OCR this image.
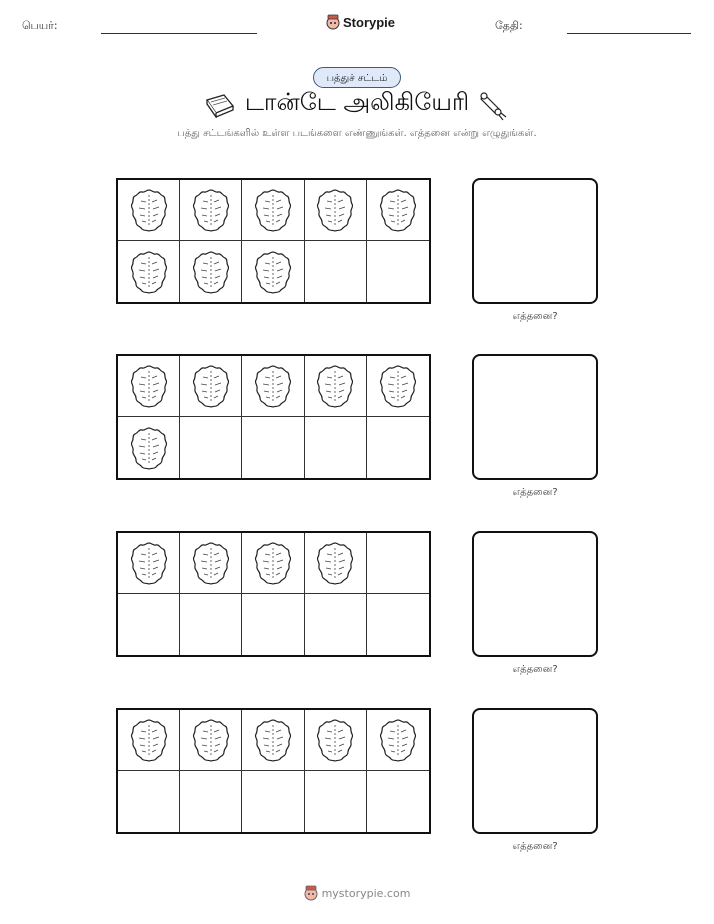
பெயர்:	Storypie	தேதி:
பத்துச் சட்டம்
டான்டே அலிகியேரி
பத்து சட்டங்களில் உள்ள படங்களை எண்ணுங்கள். எத்தனை என்று எழுதுங்கள்.
எத்தனை?
எத்தனை?
எத்தனை?
எத்தனை?
mystorypie.com
